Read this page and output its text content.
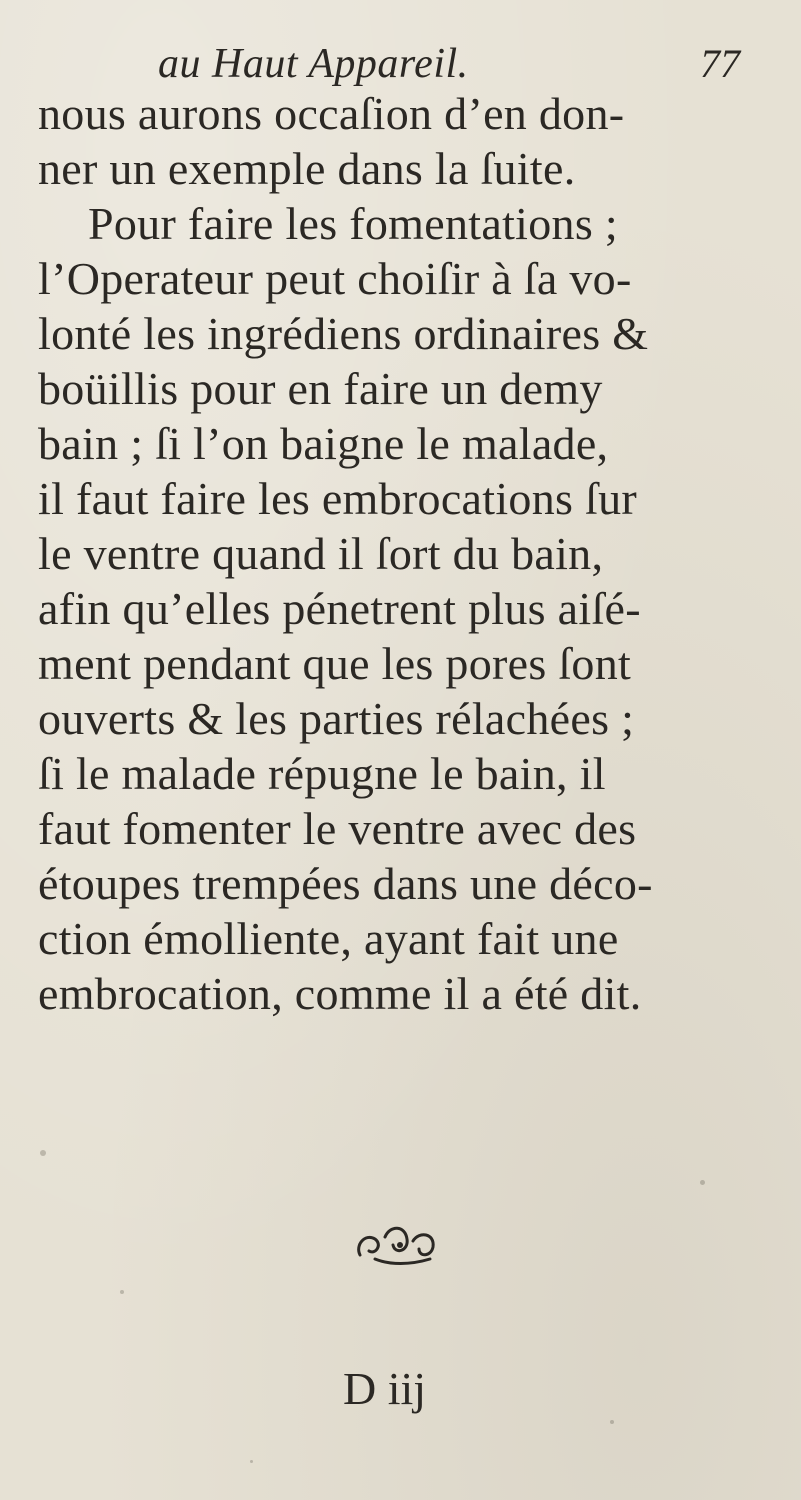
au Haut Appareil.	77
nous aurons occaſion d’en don-
ner un exemple dans la ſuite.
Pour faire les fomentations ;
l’Operateur peut choiſir à ſa vo-
lonté les ingrédiens ordinaires &
boüillis pour en faire un demy
bain ; ſi l’on baigne le malade,
il faut faire les embrocations ſur
le ventre quand il ſort du bain,
afin qu’elles pénetrent plus aiſé-
ment pendant que les pores ſont
ouverts & les parties rélachées ;
ſi le malade répugne le bain, il
faut fomenter le ventre avec des
étoupes trempées dans une déco-
ction émolliente, ayant fait une
embrocation, comme il a été dit.
D iij
